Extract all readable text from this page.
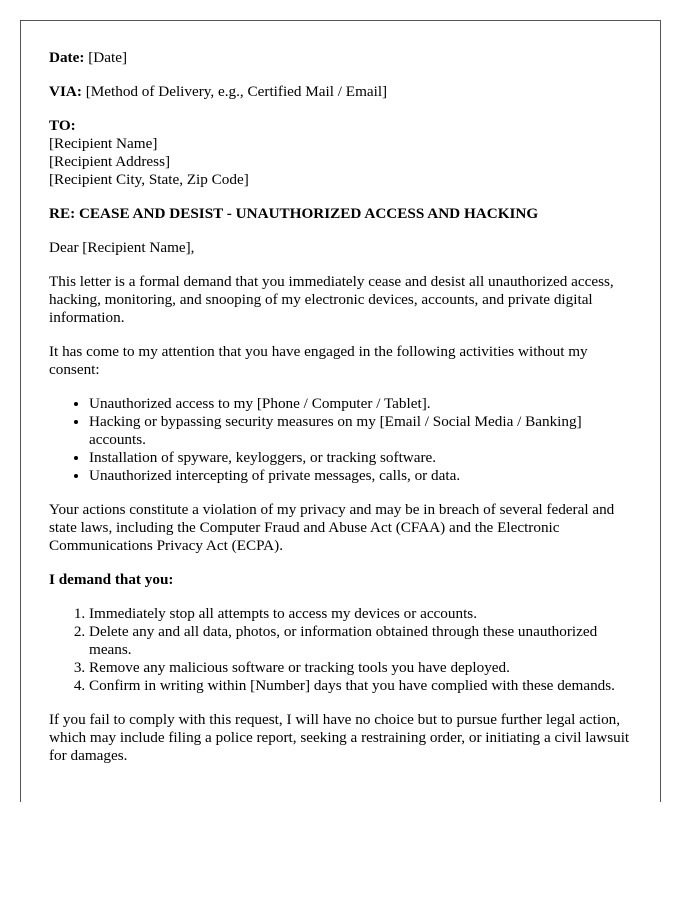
Date: [Date]

VIA: [Method of Delivery, e.g., Certified Mail / Email]

TO:
[Recipient Name]
[Recipient Address]
[Recipient City, State, Zip Code]

RE: CEASE AND DESIST - UNAUTHORIZED ACCESS AND HACKING

Dear [Recipient Name],

This letter is a formal demand that you immediately cease and desist all unauthorized access, hacking, monitoring, and snooping of my electronic devices, accounts, and private digital information.

It has come to my attention that you have engaged in the following activities without my consent:

• Unauthorized access to my [Phone / Computer / Tablet].
• Hacking or bypassing security measures on my [Email / Social Media / Banking] accounts.
• Installation of spyware, keyloggers, or tracking software.
• Unauthorized intercepting of private messages, calls, or data.

Your actions constitute a violation of my privacy and may be in breach of several federal and state laws, including the Computer Fraud and Abuse Act (CFAA) and the Electronic Communications Privacy Act (ECPA).

I demand that you:

1. Immediately stop all attempts to access my devices or accounts.
2. Delete any and all data, photos, or information obtained through these unauthorized means.
3. Remove any malicious software or tracking tools you have deployed.
4. Confirm in writing within [Number] days that you have complied with these demands.

If you fail to comply with this request, I will have no choice but to pursue further legal action, which may include filing a police report, seeking a restraining order, or initiating a civil lawsuit for damages.
